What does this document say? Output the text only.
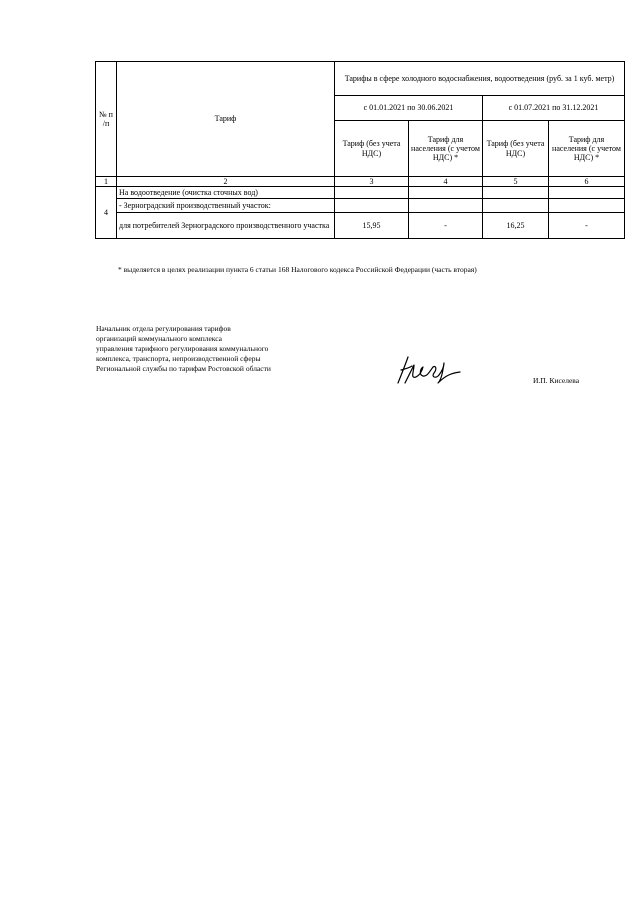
№ п /п	Тариф	Тарифы в сфере холодного водоснабжения, водоотведения (руб. за 1 куб. метр)			
		с 01.01.2021 по 30.06.2021		с 01.07.2021 по 31.12.2021	
		Тариф (без учета НДС)	Тариф для населения (с учетом НДС) *	Тариф (без учета НДС)	Тариф для населения (с учетом НДС) *
1	2	3	4	5	6
4	На водоотведение (очистка сточных вод)				
	- Зерноградский производственный участок:				
	для потребителей Зерноградского производственного участка	15,95	-	16,25	-
* выделяется в целях реализации пункта 6 статьи 168 Налогового кодекса Российской Федерации (часть вторая)
Начальник отдела регулирования тарифов
организаций коммунального комплекса
управления тарифного регулирования коммунального
комплекса, транспорта, непроизводственной сферы
Региональной службы по тарифам Ростовской области
И.П. Киселева
